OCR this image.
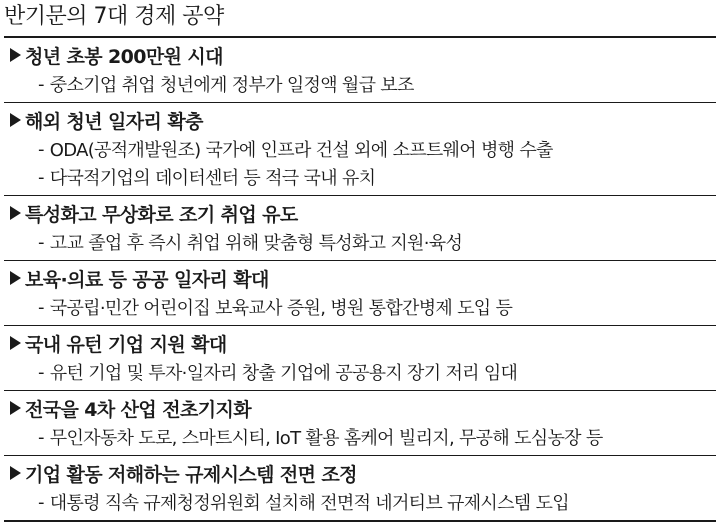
반기문의 7대 경제 공약
청년 초봉 200만원 시대
- 중소기업 취업 청년에게 정부가 일정액 월급 보조
해외 청년 일자리 확충
- ODA(공적개발원조) 국가에 인프라 건설 외에 소프트웨어 병행 수출
- 다국적기업의 데이터센터 등 적극 국내 유치
특성화고 무상화로 조기 취업 유도
- 고교 졸업 후 즉시 취업 위해 맞춤형 특성화고 지원·육성
보육·의료 등 공공 일자리 확대
- 국공립·민간 어린이집 보육교사 증원, 병원 통합간병제 도입 등
국내 유턴 기업 지원 확대
- 유턴 기업 및 투자·일자리 창출 기업에 공공용지 장기 저리 임대
전국을 4차 산업 전초기지화
- 무인자동차 도로, 스마트시티, IoT 활용 홈케어 빌리지, 무공해 도심농장 등
기업 활동 저해하는 규제시스템 전면 조정
- 대통령 직속 규제청정위원회 설치해 전면적 네거티브 규제시스템 도입
